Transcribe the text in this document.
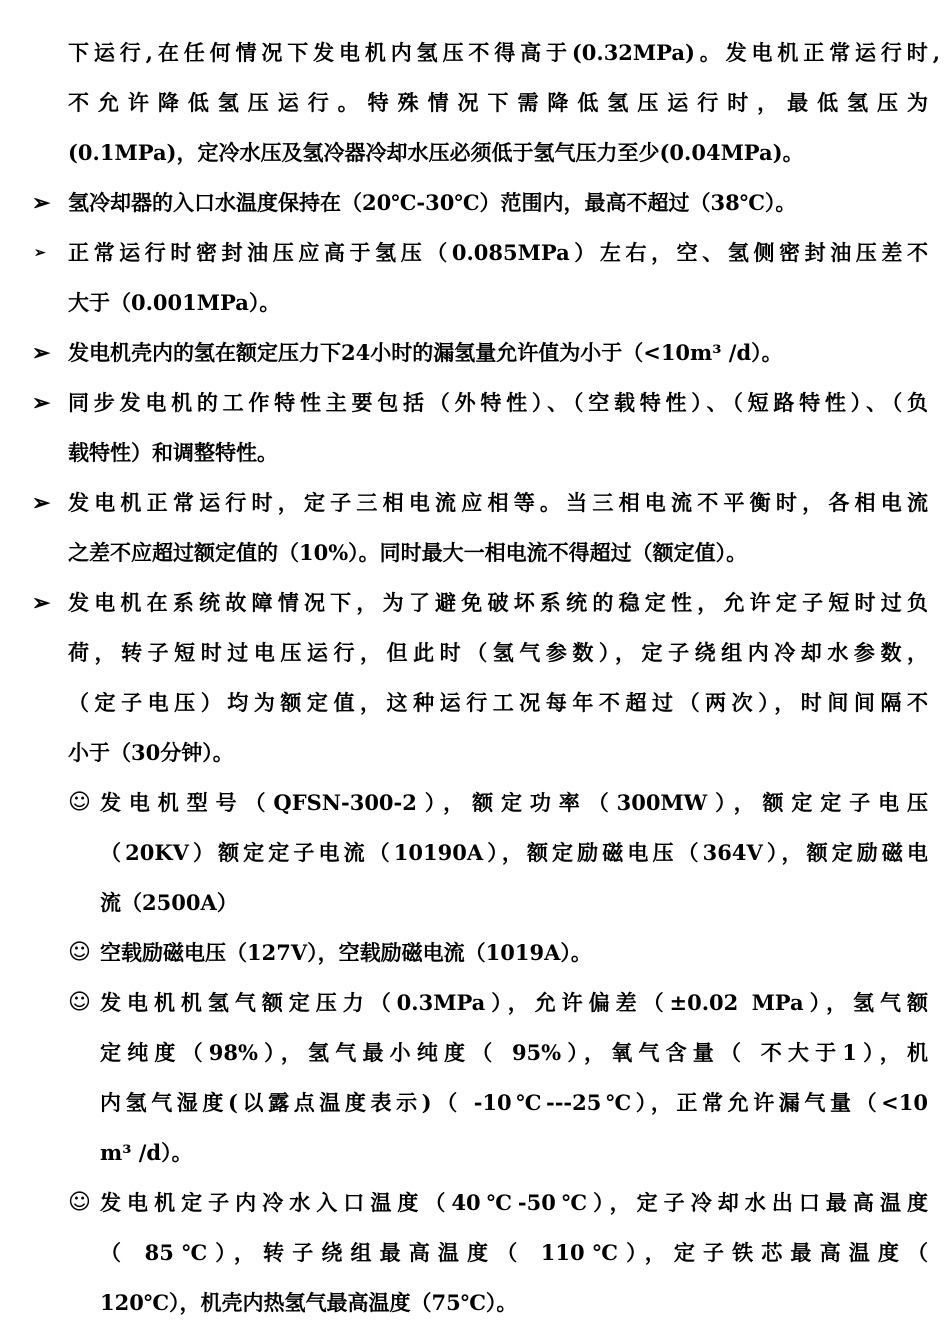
下运行,在任何情况下发电机内氢压不得高于(0.32MPa)。发电机正常运行时,
不允许降低氢压运行。特殊情况下需降低氢压运行时，最低氢压为
(0.1MPa)，定冷水压及氢冷器冷却水压必须低于氢气压力至少(0.04MPa)。
➢ 氢冷却器的入口水温度保持在（20℃-30℃）范围内，最高不超过（38℃）。
➢ 正常运行时密封油压应高于氢压（0.085MPa）左右，空、氢侧密封油压差不
大于（0.001MPa）。
➢ 发电机壳内的氢在额定压力下24小时的漏氢量允许值为小于（<10m³ /d）。
➢ 同步发电机的工作特性主要包括（外特性）、（空载特性）、（短路特性）、（负
载特性）和调整特性。
➢ 发电机正常运行时，定子三相电流应相等。当三相电流不平衡时，各相电流
之差不应超过额定值的（10%）。同时最大一相电流不得超过（额定值）。
➢ 发电机在系统故障情况下，为了避免破坏系统的稳定性，允许定子短时过负
荷，转子短时过电压运行，但此时（氢气参数），定子绕组内冷却水参数，
（定子电压）均为额定值，这种运行工况每年不超过（两次），时间间隔不
小于（30分钟）。
☺ 发电机型号（QFSN-300-2），额定功率（300MW），额定定子电压
（20KV）额定定子电流（10190A），额定励磁电压（364V），额定励磁电
流（2500A）
☺ 空载励磁电压（127V），空载励磁电流（1019A）。
☺ 发电机机氢气额定压力（0.3MPa），允许偏差（±0.02 MPa），氢气额
定纯度（98%），氢气最小纯度（ 95%），氧气含量（ 不大于1），机
内氢气湿度(以露点温度表示)（ -10℃---25℃），正常允许漏气量（<10
m³ /d）。
☺ 发电机定子内冷水入口温度（40℃-50℃），定子冷却水出口最高温度
（ 85℃），转子绕组最高温度（ 110℃），定子铁芯最高温度（
120℃），机壳内热氢气最高温度（75℃）。
